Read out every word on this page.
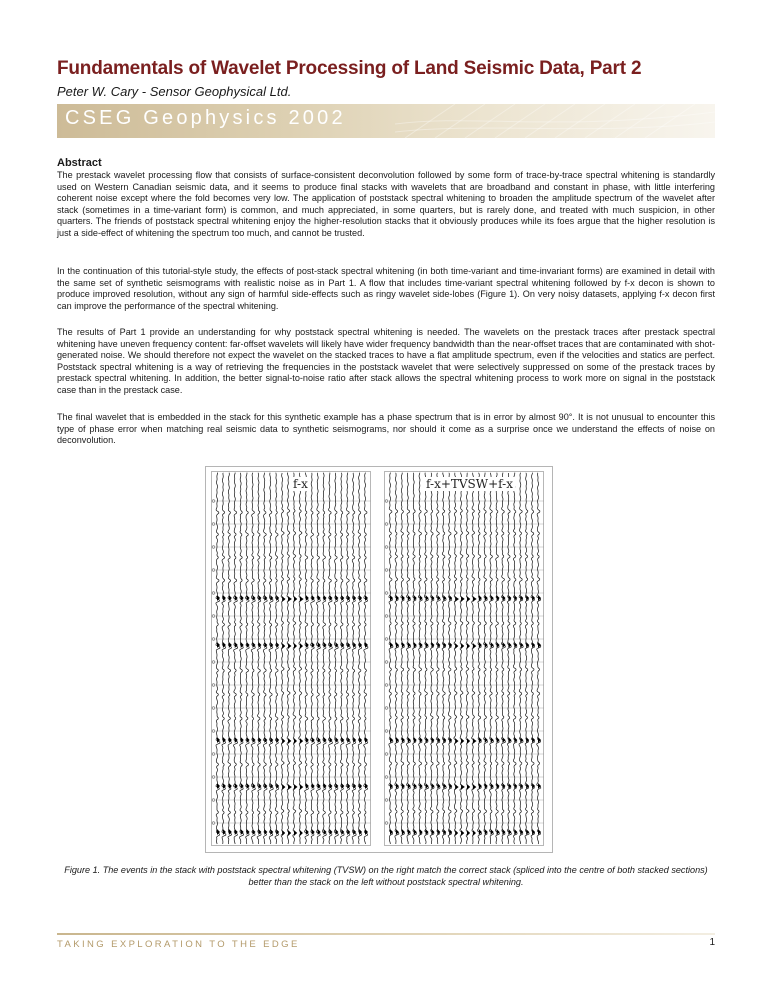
Fundamentals of Wavelet Processing of Land Seismic Data, Part 2

Peter W. Cary - Sensor Geophysical Ltd.

CSEG Geophysics 2002
Abstract

The prestack wavelet processing flow that consists of surface-consistent deconvolution followed by some form of trace-by-trace spectral whitening is standardly used on Western Canadian seismic data, and it seems to produce final stacks with wavelets that are broadband and constant in phase, with little interfering coherent noise except where the fold becomes very low. The application of poststack spectral whitening to broaden the amplitude spectrum of the wavelet after stack (sometimes in a time-variant form) is common, and much appreciated, in some quarters, but is rarely done, and treated with much suspicion, in other quarters. The friends of poststack spectral whitening enjoy the higher-resolution stacks that it obviously produces while its foes argue that the higher resolution is just a side-effect of whitening the spectrum too much, and cannot be trusted.

In the continuation of this tutorial-style study, the effects of post-stack spectral whitening (in both time-variant and time-invariant forms) are examined in detail with the same set of synthetic seismograms with realistic noise as in Part 1. A flow that includes time-variant spectral whitening followed by f-x decon is shown to produce improved resolution, without any sign of harmful side-effects such as ringy wavelet side-lobes (Figure 1). On very noisy datasets, applying f-x decon first can improve the performance of the spectral whitening.

The results of Part 1 provide an understanding for why poststack spectral whitening is needed. The wavelets on the prestack traces after prestack spectral whitening have uneven frequency content: far-offset wavelets will likely have wider frequency bandwidth than the near-offset traces that are contaminated with shot-generated noise. We should therefore not expect the wavelet on the stacked traces to have a flat amplitude spectrum, even if the velocities and statics are perfect. Poststack spectral whitening is a way of retrieving the frequencies in the poststack wavelet that were selectively suppressed on some of the prestack traces by prestack spectral whitening. In addition, the better signal-to-noise ratio after stack allows the spectral whitening process to work more on signal in the poststack case than in the prestack case.

The final wavelet that is embedded in the stack for this synthetic example has a phase spectrum that is in error by almost 90°. It is not unusual to encounter this type of phase error when matching real seismic data to synthetic seismograms, nor should it come as a surprise once we understand the effects of noise on deconvolution.

f-x	f-x+TVSW+f-x

Figure 1. The events in the stack with poststack spectral whitening (TVSW) on the right match the correct stack (spliced into the centre of both stacked sections) better than the stack on the left without poststack spectral whitening.

TAKING EXPLORATION TO THE EDGE	1
